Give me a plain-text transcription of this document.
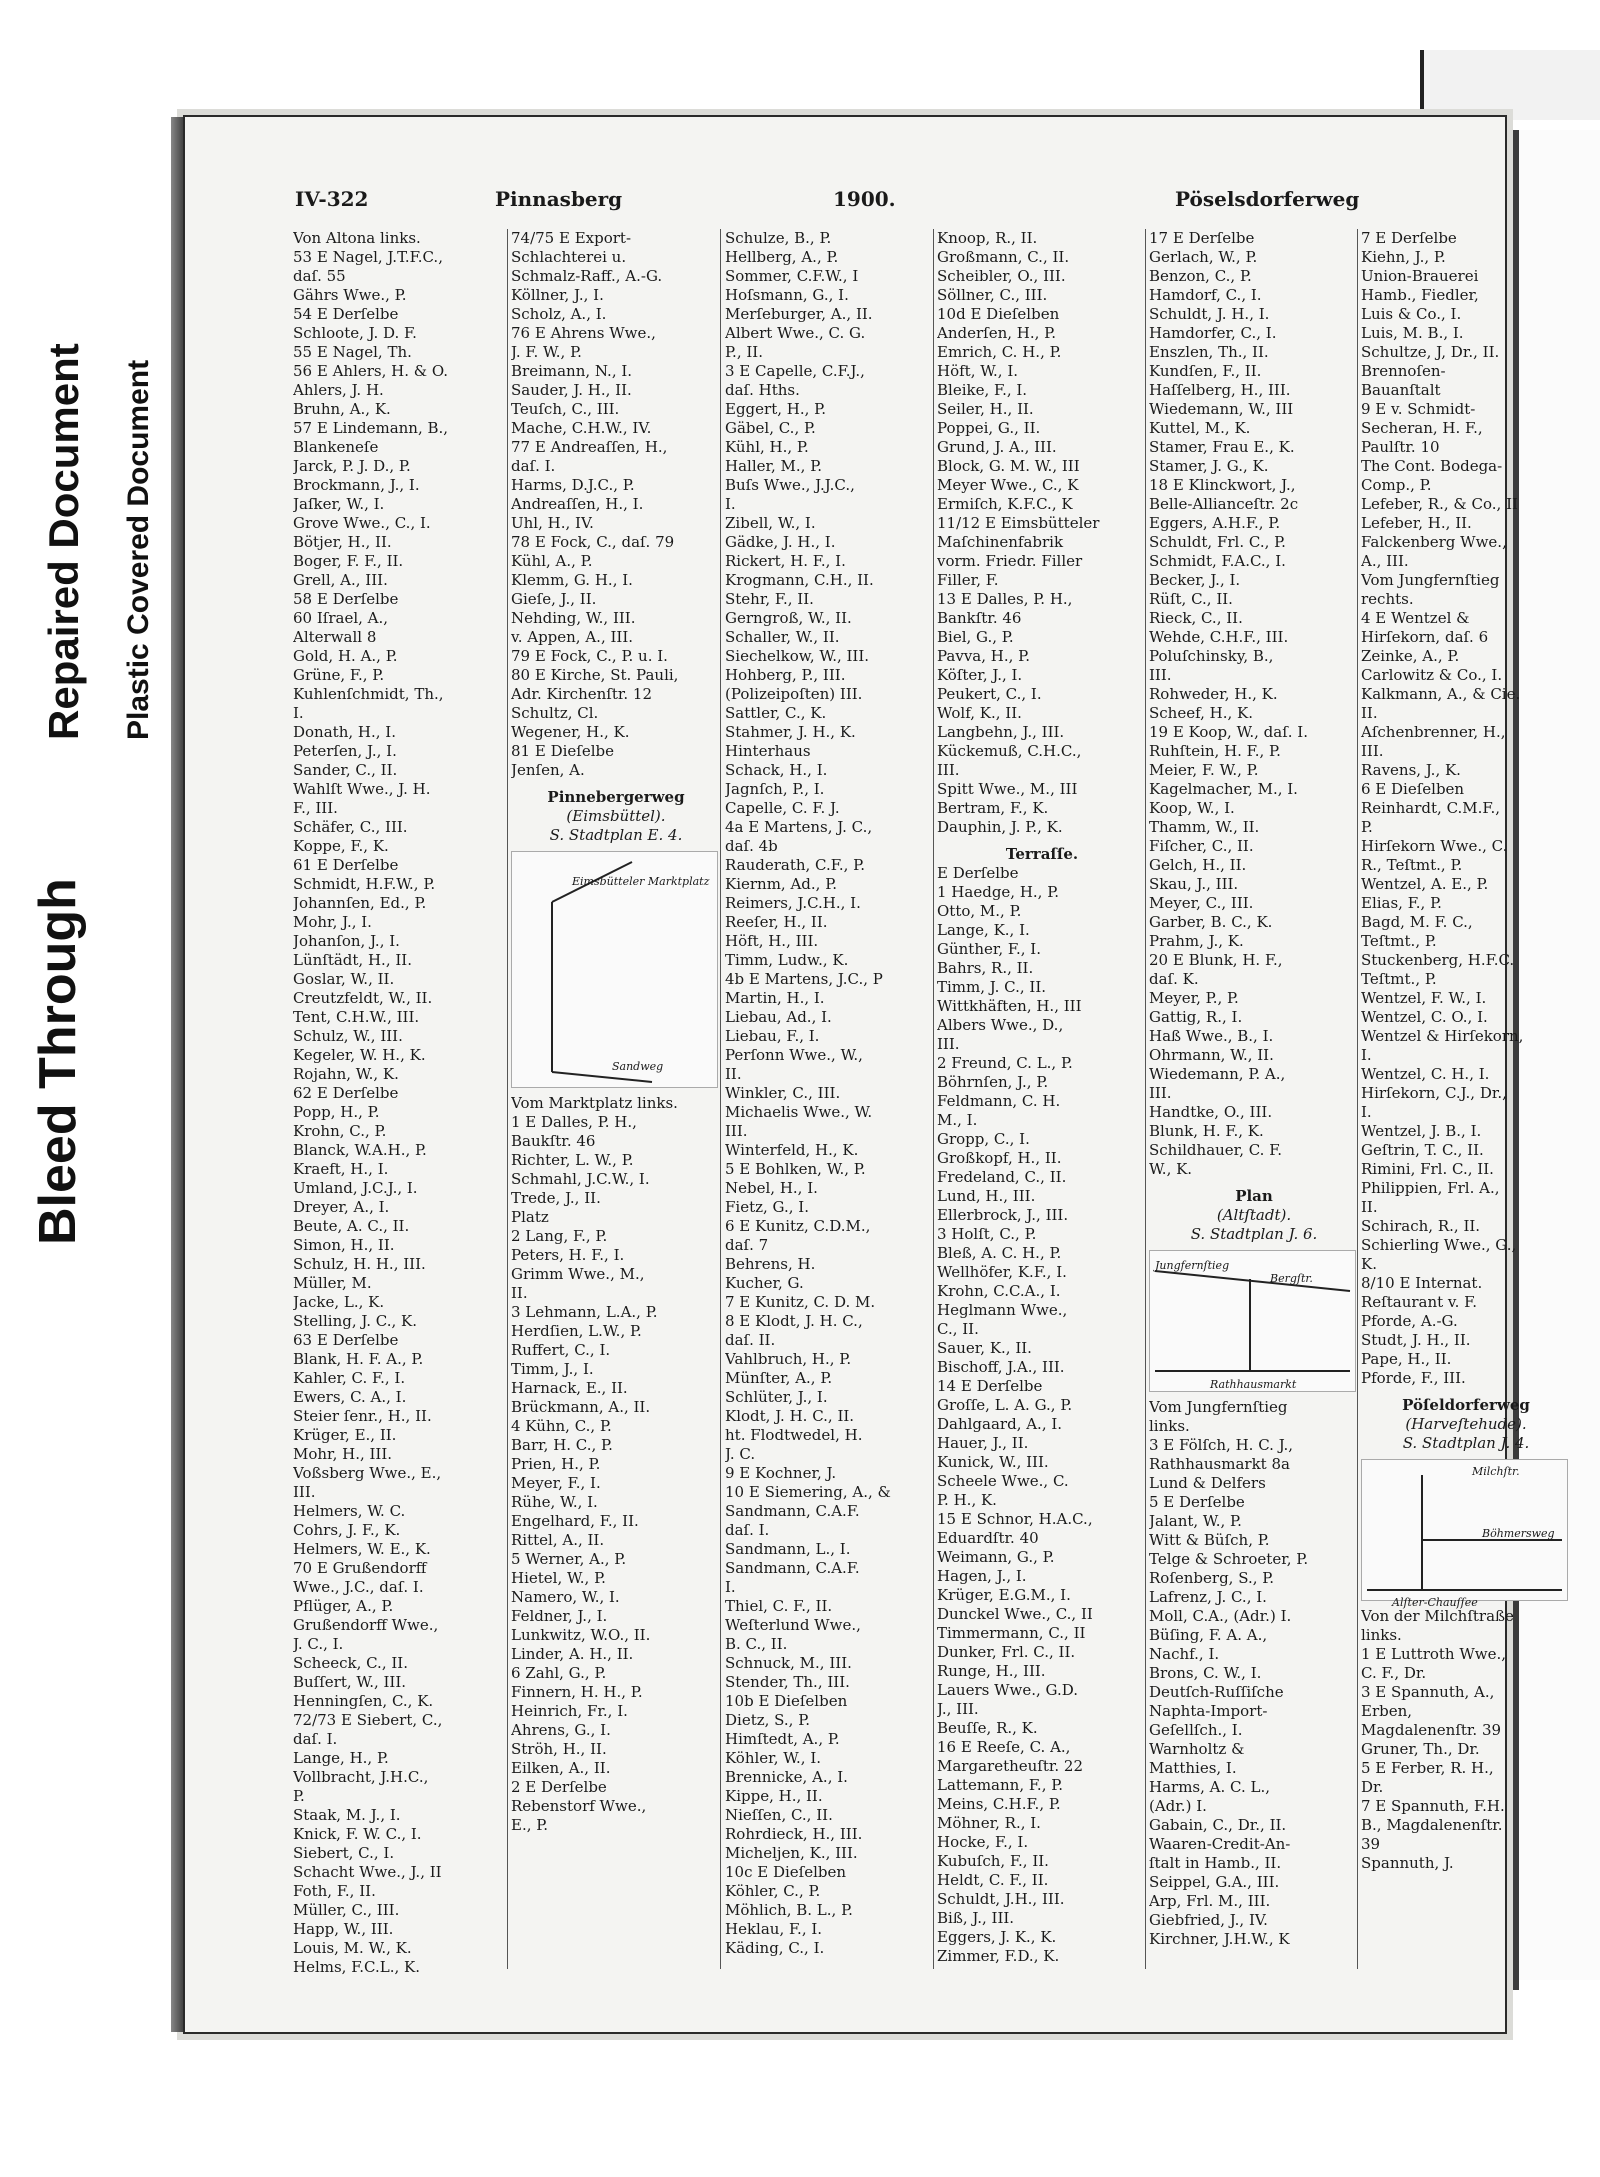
Bleed Through
Repaired Document Plastic Covered Document
IV-322	Pinnasberg	1900.	Pöselsdorferweg
Von Altona links.
53 E Nagel, J.T.F.C.,
daſ. 55
Gährs Wwe., P.
54 E Derſelbe
Schloote, J. D. F.
55 E Nagel, Th.
56 E Ahlers, H. & O.
Ahlers, J. H.
Bruhn, A., K.
57 E Lindemann, B.,
Blankeneſe
Jarck, P. J. D., P.
Brockmann, J., I.
Jaſker, W., I.
Grove Wwe., C., I.
Bötjer, H., II.
Boger, F. F., II.
Grell, A., III.
58 E Derſelbe
60 Iſrael, A.,
Alterwall 8
Gold, H. A., P.
Grüne, F., P.
Kuhlenſchmidt, Th.,
I.
Donath, H., I.
Peterſen, J., I.
Sander, C., II.
Wahlſt Wwe., J. H.
F., III.
Schäfer, C., III.
Koppe, F., K.
61 E Derſelbe
Schmidt, H.F.W., P.
Johannſen, Ed., P.
Mohr, J., I.
Johanſon, J., I.
Lünſtädt, H., II.
Goslar, W., II.
Creutzfeldt, W., II.
Tent, C.H.W., III.
Schulz, W., III.
Kegeler, W. H., K.
Rojahn, W., K.
62 E Derſelbe
Popp, H., P.
Krohn, C., P.
Blanck, W.A.H., P.
Kraeft, H., I.
Umland, J.C.J., I.
Dreyer, A., I.
Beute, A. C., II.
Simon, H., II.
Schulz, H. H., III.
Müller, M.
Jacke, L., K.
Stelling, J. C., K.
63 E Derſelbe
Blank, H. F. A., P.
Kahler, C. F., I.
Ewers, C. A., I.
Steier ſenr., H., II.
Krüger, E., II.
Mohr, H., III.
Voßsberg Wwe., E.,
III.
Helmers, W. C.
Cohrs, J. F., K.
Helmers, W. E., K.
70 E Grußendorff
Wwe., J.C., daſ. I.
Pflüger, A., P.
Grußendorff Wwe.,
J. C., I.
Scheeck, C., II.
Buſſert, W., III.
Henningſen, C., K.
72/73 E Siebert, C.,
daſ. I.
Lange, H., P.
Vollbracht, J.H.C.,
P.
Staak, M. J., I.
Knick, F. W. C., I.
Siebert, C., I.
Schacht Wwe., J., II
Foth, F., II.
Müller, C., III.
Happ, W., III.
Louis, M. W., K.
Helms, F.C.L., K.
74/75 E Export-
Schlachterei u.
Schmalz-Raff., A.-G.
Köllner, J., I.
Scholz, A., I.
76 E Ahrens Wwe.,
J. F. W., P.
Breimann, N., I.
Sauder, J. H., II.
Teuſch, C., III.
Mache, C.H.W., IV.
77 E Andreaſſen, H.,
daſ. I.
Harms, D.J.C., P.
Andreaſſen, H., I.
Uhl, H., IV.
78 E Fock, C., daſ. 79
Kühl, A., P.
Klemm, G. H., I.
Gieſe, J., II.
Nehding, W., III.
v. Appen, A., III.
79 E Fock, C., P. u. I.
80 E Kirche, St. Pauli,
Adr. Kirchenſtr. 12
Schultz, Cl.
Wegener, H., K.
81 E Dieſelbe
Jenſen, A.
Pinnebergerweg
(Eimsbüttel).
S. Stadtplan E. 4.
Eimsbütteler Marktplatz
Sandweg
Vom Marktplatz links.
1 E Dalles, P. H.,
Baukſtr. 46
Richter, L. W., P.
Schmahl, J.C.W., I.
Trede, J., II.
Platz
2 Lang, F., P.
Peters, H. F., I.
Grimm Wwe., M.,
II.
3 Lehmann, L.A., P.
Herdſien, L.W., P.
Ruffert, C., I.
Timm, J., I.
Harnack, E., II.
Brückmann, A., II.
4 Kühn, C., P.
Barr, H. C., P.
Prien, H., P.
Meyer, F., I.
Rühe, W., I.
Engelhard, F., II.
Rittel, A., II.
5 Werner, A., P.
Hietel, W., P.
Namero, W., I.
Feldner, J., I.
Lunkwitz, W.O., II.
Linder, A. H., II.
6 Zahl, G., P.
Finnern, H. H., P.
Heinrich, Fr., I.
Ahrens, G., I.
Ströh, H., II.
Eilken, A., II.
2 E Derſelbe
Rebenstorf Wwe.,
E., P.
Schulze, B., P.
Hellberg, A., P.
Sommer, C.F.W., I
Hoſsmann, G., I.
Merſeburger, A., II.
Albert Wwe., C. G.
P., II.
3 E Capelle, C.F.J.,
daſ. Hths.
Eggert, H., P.
Gäbel, C., P.
Kühl, H., P.
Haller, M., P.
Buſs Wwe., J.J.C.,
I.
Zibell, W., I.
Gädke, J. H., I.
Rickert, H. F., I.
Krogmann, C.H., II.
Stehr, F., II.
Gerngroß, W., II.
Schaller, W., II.
Siechelkow, W., III.
Hohberg, P., III.
(Polizeipoſten) III.
Sattler, C., K.
Stahmer, J. H., K.
Hinterhaus
Schack, H., I.
Jagnſch, P., I.
Capelle, C. F. J.
4a E Martens, J. C.,
daſ. 4b
Rauderath, C.F., P.
Kiernm, Ad., P.
Reimers, J.C.H., I.
Reeſer, H., II.
Höft, H., III.
Timm, Ludw., K.
4b E Martens, J.C., P
Martin, H., I.
Liebau, Ad., I.
Liebau, F., I.
Perſonn Wwe., W.,
II.
Winkler, C., III.
Michaelis Wwe., W.
III.
Winterfeld, H., K.
5 E Bohlken, W., P.
Nebel, H., I.
Fietz, G., I.
6 E Kunitz, C.D.M.,
daſ. 7
Behrens, H.
Kucher, G.
7 E Kunitz, C. D. M.
8 E Klodt, J. H. C.,
daſ. II.
Vahlbruch, H., P.
Münſter, A., P.
Schlüter, J., I.
Klodt, J. H. C., II.
ht. Flodtwedel, H.
J. C.
9 E Kochner, J.
10 E Siemering, A., &
Sandmann, C.A.F.
daſ. I.
Sandmann, L., I.
Sandmann, C.A.F.
I.
Thiel, C. F., II.
Weſterlund Wwe.,
B. C., II.
Schnuck, M., III.
Stender, Th., III.
10b E Dieſelben
Dietz, S., P.
Himſtedt, A., P.
Köhler, W., I.
Brennicke, A., I.
Kippe, H., II.
Nieſſen, C., II.
Rohrdieck, H., III.
Micheljen, K., III.
10c E Dieſelben
Köhler, C., P.
Möhlich, B. L., P.
Heklau, F., I.
Käding, C., I.
Knoop, R., II.
Großmann, C., II.
Scheibler, O., III.
Söllner, C., III.
10d E Dieſelben
Anderſen, H., P.
Emrich, C. H., P.
Höft, W., I.
Bleike, F., I.
Seiler, H., II.
Poppei, G., II.
Grund, J. A., III.
Block, G. M. W., III
Meyer Wwe., C., K
Ermiſch, K.F.C., K
11/12 E Eimsbütteler
Maſchinenfabrik
vorm. Friedr. Filler
Filler, F.
13 E Dalles, P. H.,
Bankſtr. 46
Biel, G., P.
Pavva, H., P.
Köſter, J., I.
Peukert, C., I.
Wolf, K., II.
Langbehn, J., III.
Kückemuß, C.H.C.,
III.
Spitt Wwe., M., III
Bertram, F., K.
Dauphin, J. P., K.
Terraſſe.
E Derſelbe
1 Haedge, H., P.
Otto, M., P.
Lange, K., I.
Günther, F., I.
Bahrs, R., II.
Timm, J. C., II.
Wittkhäften, H., III
Albers Wwe., D.,
III.
2 Freund, C. L., P.
Böhrnſen, J., P.
Feldmann, C. H.
M., I.
Gropp, C., I.
Großkopf, H., II.
Fredeland, C., II.
Lund, H., III.
Ellerbrock, J., III.
3 Holſt, C., P.
Bleß, A. C. H., P.
Wellhöfer, K.F., I.
Krohn, C.C.A., I.
Heglmann Wwe.,
C., II.
Sauer, K., II.
Bischoff, J.A., III.
14 E Derſelbe
Groſſe, L. A. G., P.
Dahlgaard, A., I.
Hauer, J., II.
Kunick, W., III.
Scheele Wwe., C.
P. H., K.
15 E Schnor, H.A.C.,
Eduardſtr. 40
Weimann, G., P.
Hagen, J., I.
Krüger, E.G.M., I.
Dunckel Wwe., C., II
Timmermann, C., II
Dunker, Frl. C., II.
Runge, H., III.
Lauers Wwe., G.D.
J., III.
Beuſſe, R., K.
16 E Reeſe, C. A.,
Margaretheuſtr. 22
Lattemann, F., P.
Meins, C.H.F., P.
Möhner, R., I.
Hocke, F., I.
Kubuſch, F., II.
Heldt, C. F., II.
Schuldt, J.H., III.
Biß, J., III.
Eggers, J. K., K.
Zimmer, F.D., K.
17 E Derſelbe
Gerlach, W., P.
Benzon, C., P.
Hamdorf, C., I.
Schuldt, J. H., I.
Hamdorfer, C., I.
Enszlen, Th., II.
Kundſen, F., II.
Haſſelberg, H., III.
Wiedemann, W., III
Kuttel, M., K.
Stamer, Frau E., K.
Stamer, J. G., K.
18 E Klinckwort, J.,
Belle-Allianceſtr. 2c
Eggers, A.H.F., P.
Schuldt, Frl. C., P.
Schmidt, F.A.C., I.
Becker, J., I.
Rüſt, C., II.
Rieck, C., II.
Wehde, C.H.F., III.
Poluſchinsky, B.,
III.
Rohweder, H., K.
Scheef, H., K.
19 E Koop, W., daſ. I.
Ruhſtein, H. F., P.
Meier, F. W., P.
Kagelmacher, M., I.
Koop, W., I.
Thamm, W., II.
Fiſcher, C., II.
Gelch, H., II.
Skau, J., III.
Meyer, C., III.
Garber, B. C., K.
Prahm, J., K.
20 E Blunk, H. F.,
daſ. K.
Meyer, P., P.
Gattig, R., I.
Haß Wwe., B., I.
Ohrmann, W., II.
Wiedemann, P. A.,
III.
Handtke, O., III.
Blunk, H. F., K.
Schildhauer, C. F.
W., K.
Plan
(Altſtadt).
S. Stadtplan J. 6.
Jungfernſtieg
Bergſtr.
Rathhausmarkt
Vom Jungfernſtieg
links.
3 E Fölſch, H. C. J.,
Rathhausmarkt 8a
Lund & Delfers
5 E Derſelbe
Jalant, W., P.
Witt & Büſch, P.
Telge & Schroeter, P.
Roſenberg, S., P.
Lafrenz, J. C., I.
Moll, C.A., (Adr.) I.
Büſing, F. A. A.,
Nachf., I.
Brons, C. W., I.
Deutſch-Ruſſiſche
Naphta-Import-
Geſellſch., I.
Warnholtz &
Matthies, I.
Harms, A. C. L.,
(Adr.) I.
Gabain, C., Dr., II.
Waaren-Credit-An-
ſtalt in Hamb., II.
Seippel, G.A., III.
Arp, Frl. M., III.
Giebfried, J., IV.
Kirchner, J.H.W., K
7 E Derſelbe
Kiehn, J., P.
Union-Brauerei
Hamb., Fiedler,
Luis & Co., I.
Luis, M. B., I.
Schultze, J, Dr., II.
Brennoſen-
Bauanſtalt
9 E v. Schmidt-
Secheran, H. F.,
Paulſtr. 10
The Cont. Bodega-
Comp., P.
Lefeber, R., & Co., II
Lefeber, H., II.
Falckenberg Wwe.,
A., III.
Vom Jungfernſtieg
rechts.
4 E Wentzel &
Hirſekorn, daſ. 6
Zeinke, A., P.
Carlowitz & Co., I.
Kalkmann, A., & Cie.
II.
Aſchenbrenner, H.,
III.
Ravens, J., K.
6 E Dieſelben
Reinhardt, C.M.F.,
P.
Hirſekorn Wwe., C.
R., Teſtmt., P.
Wentzel, A. E., P.
Elias, F., P.
Bagd, M. F. C.,
Teſtmt., P.
Stuckenberg, H.F.C.
Teſtmt., P.
Wentzel, F. W., I.
Wentzel, C. O., I.
Wentzel & Hirſekorn,
I.
Wentzel, C. H., I.
Hirſekorn, C.J., Dr.,
I.
Wentzel, J. B., I.
Geſtrin, T. C., II.
Rimini, Frl. C., II.
Philippien, Frl. A.,
II.
Schirach, R., II.
Schierling Wwe., G.,
K.
8/10 E Internat.
Reſtaurant v. F.
Pforde, A.-G.
Studt, J. H., II.
Pape, H., II.
Pforde, F., III.
Pöſeldorferweg
(Harveſtehude).
S. Stadtplan J. 4.
Milchſtr.
Böhmersweg
Alſter-Chauſſee
Von der Milchſtraße
links.
1 E Luttroth Wwe.,
C. F., Dr.
3 E Spannuth, A.,
Erben,
Magdalenenſtr. 39
Gruner, Th., Dr.
5 E Ferber, R. H.,
Dr.
7 E Spannuth, F.H.
B., Magdalenenſtr.
39
Spannuth, J.
